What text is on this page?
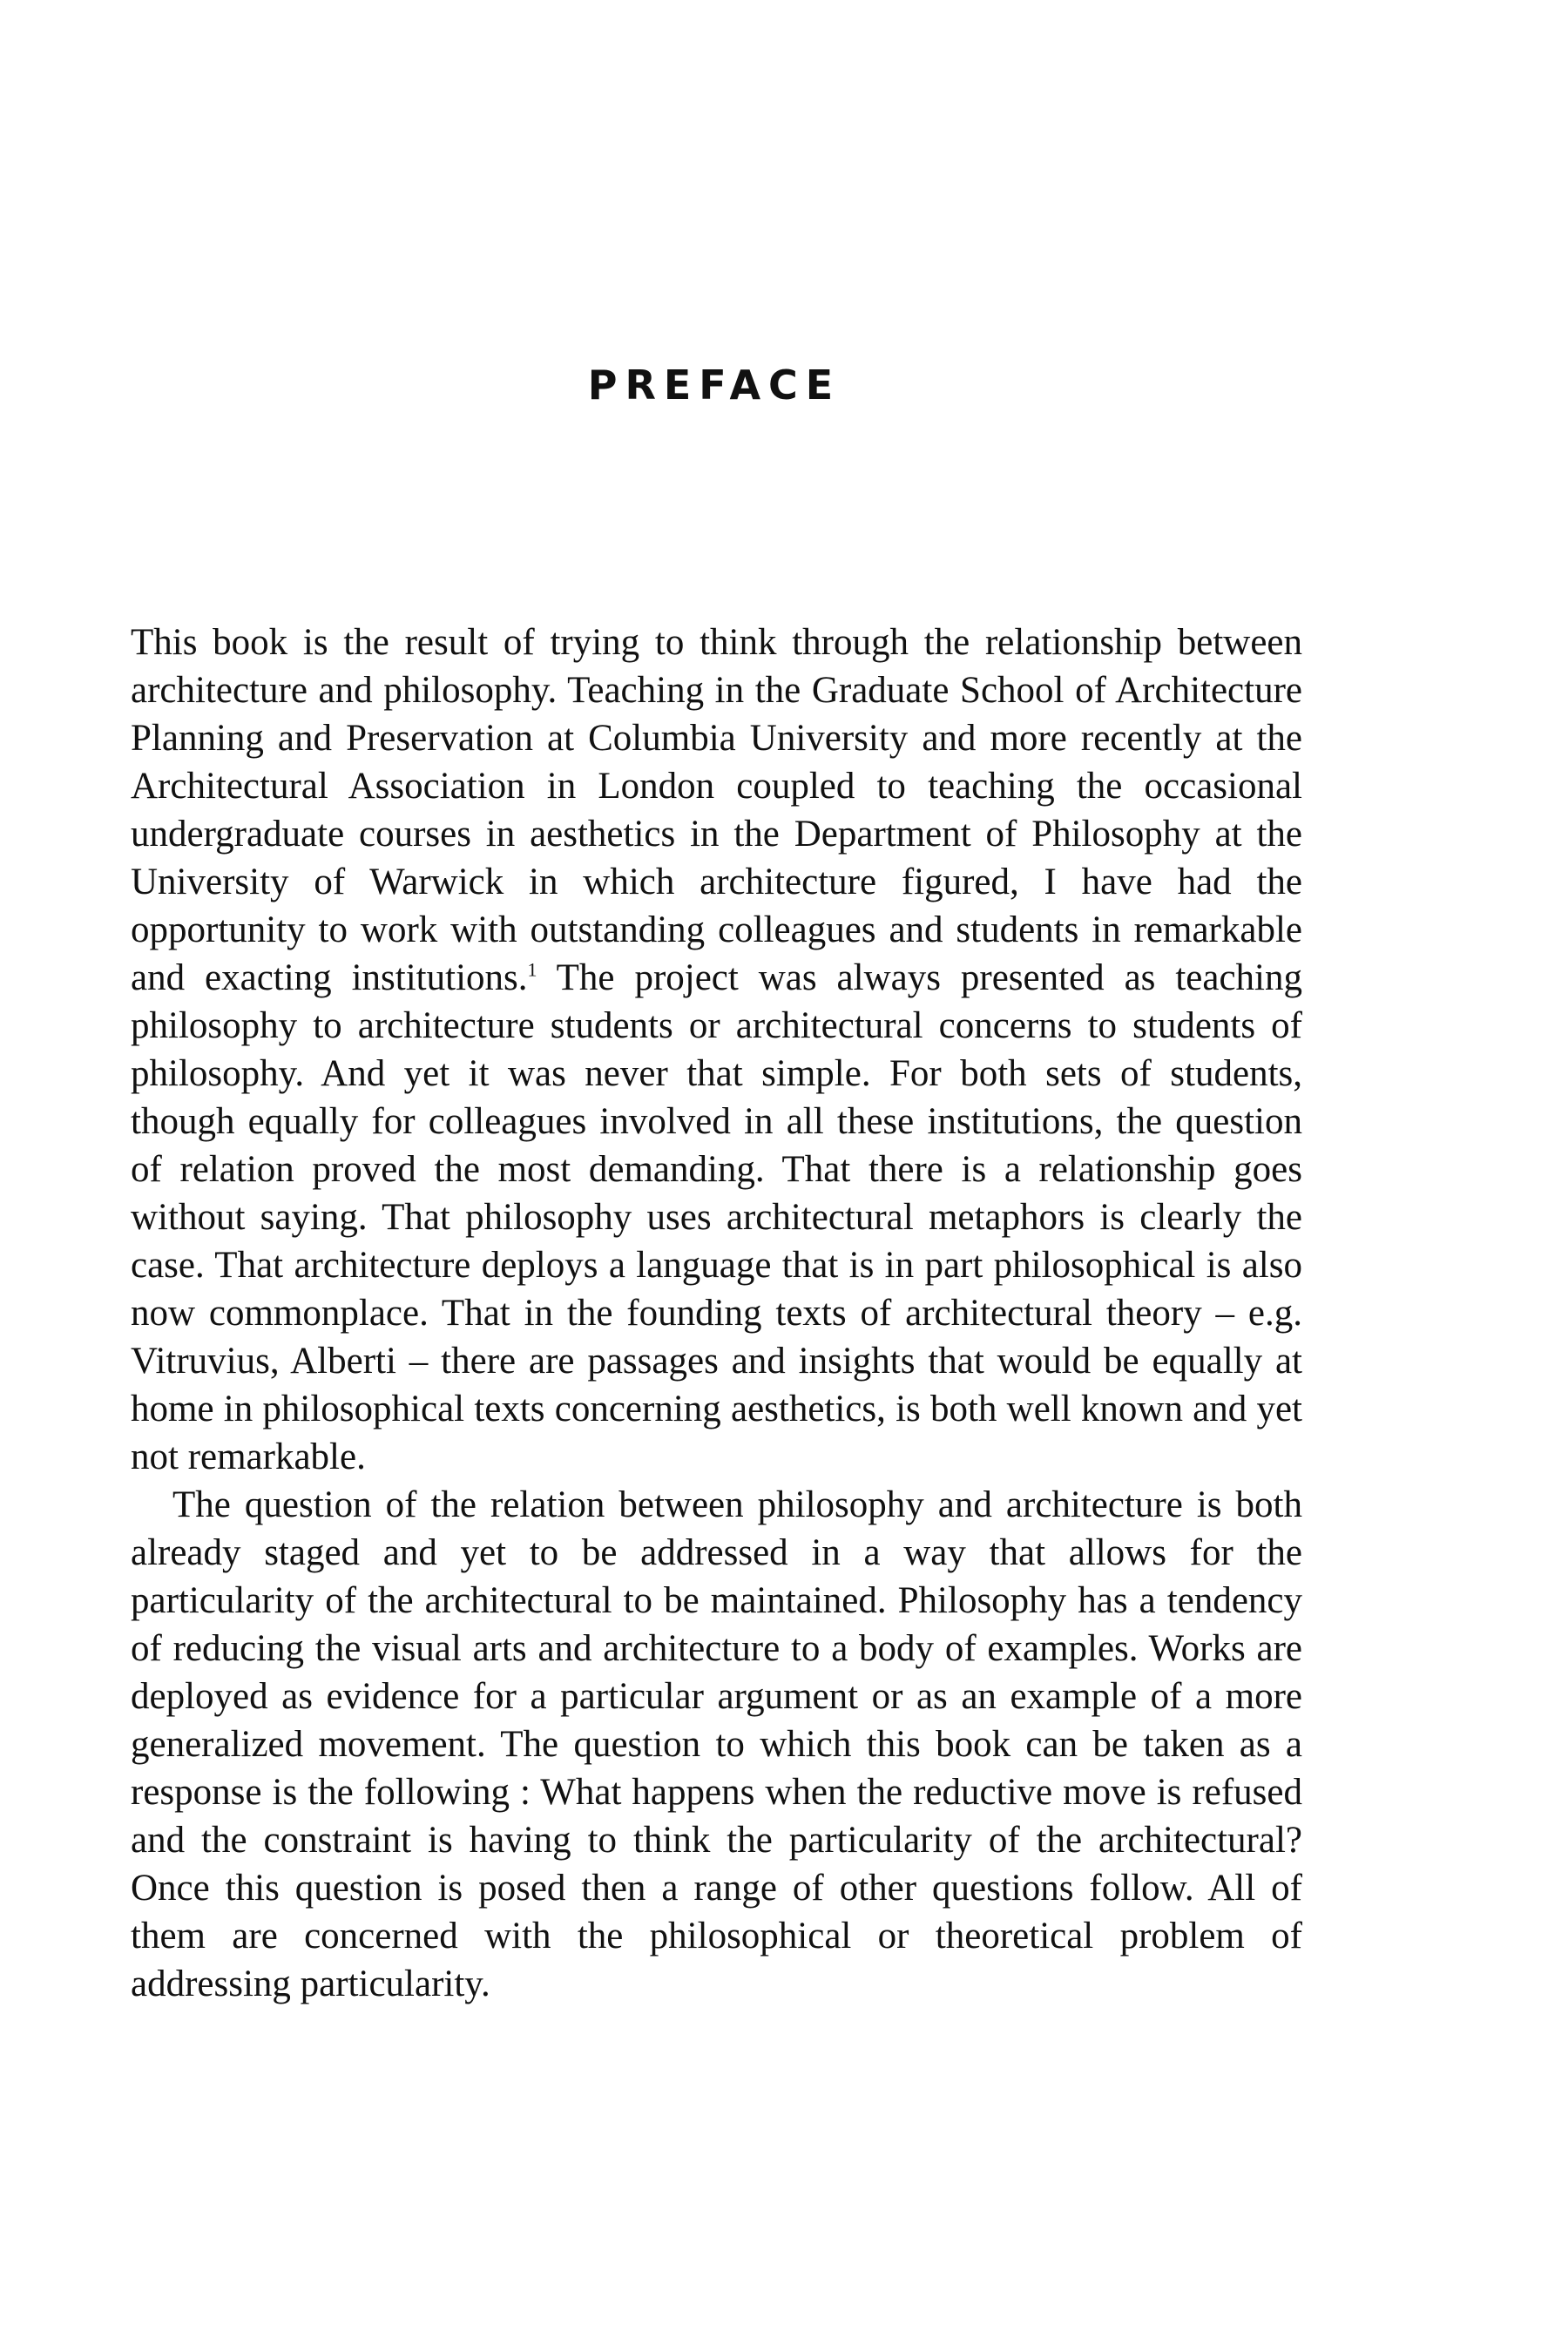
PREFACE

This book is the result of trying to think through the relationship between architecture and philosophy. Teaching in the Graduate School of Architecture Planning and Preservation at Columbia University and more recently at the Architectural Association in London coupled to teaching the occasional undergraduate courses in aesthetics in the Department of Philosophy at the University of Warwick in which architecture figured, I have had the opportunity to work with outstanding colleagues and students in remarkable and exacting institutions.$^1$ The project was always presented as teaching philosophy to architecture students or architectural concerns to students of philosophy. And yet it was never that simple. For both sets of students, though equally for colleagues involved in all these institutions, the question of relation proved the most demanding. That there is a relationship goes without saying. That philosophy uses architectural metaphors is clearly the case. That architecture deploys a language that is in part philosophical is also now commonplace. That in the founding texts of architectural theory – e.g. Vitruvius, Alberti – there are passages and insights that would be equally at home in philosophical texts concerning aesthetics, is both well known and yet not remarkable.

The question of the relation between philosophy and architecture is both already staged and yet to be addressed in a way that allows for the particularity of the architectural to be maintained. Philosophy has a tendency of reducing the visual arts and architecture to a body of examples. Works are deployed as evidence for a particular argument or as an example of a more generalized movement. The question to which this book can be taken as a response is the following : What happens when the reductive move is refused and the constraint is having to think the particularity of the architectural? Once this question is posed then a range of other questions follow. All of them are concerned with the philosophical or theoretical problem of addressing particularity.
